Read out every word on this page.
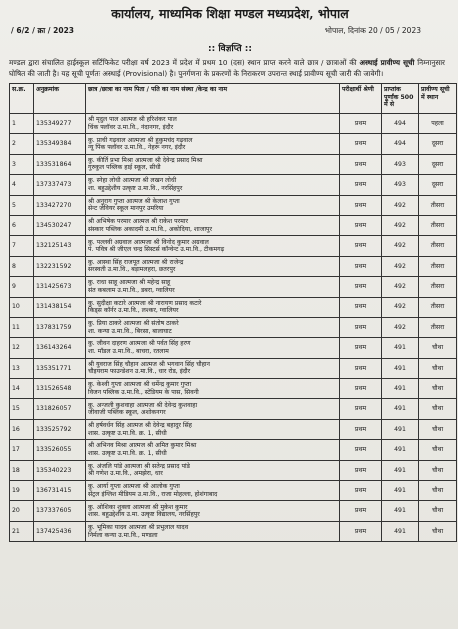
कार्यालय, माध्यमिक शिक्षा मण्डल मध्यप्रदेश, भोपाल
/ 6/2 / क्रा / 2023	भोपाल, दिनांक 20 / 05 / 2023
:: विज्ञप्ति ::
मण्डल द्वारा संचालित हाईस्कूल सर्टिफिकेट परीक्षा वर्ष 2023 में प्रदेश में प्रथम 10 (दस) स्थान प्राप्त करने वाले छात्र / छात्राओं की अस्थाई प्रावीण्य सूची निम्नानुसार घोषित की जाती है। यह सूची पूर्णतः अस्थाई (Provisional) है। पुनर्गणना के प्रकरणों के निराकरण उपरान्त स्थाई प्रावीण्य सूची जारी की जावेगी।
स.क्र.	अनुक्रमांक	छात्र /छात्रा का नाम पिता / पति का नाम संस्था /केन्द्र का नाम	परीक्षार्थी श्रेणी	प्राप्तांक पूर्णांक 500 में से	प्रावीण्य सूची में स्थान
1	135349277	श्री मृदुल पाल आत्मज श्री हरिशंकर पाल
चिंक फ्लॉवर उ.मा.वि., नंदानगर, इंदौर	प्रथम	494	पहला
2	135349384	कु. प्राची गढ़वाल आत्मजा श्री हुकुमचंद गढ़वाल
न्यू पिंक फ्लॉवर उ.मा.वि., नेहरू नगर, इंदौर	प्रथम	494	दूसरा
3	133531864	कु. कीर्ति प्रभा मिश्रा आत्मजा श्री देवेन्द्र प्रसाद मिश्रा
गुरुकुल पब्लिक हाई स्कूल, सीधी	प्रथम	493	दूसरा
4	137337473	कु. स्नेहा लोधी आत्मजा श्री लखन लोधी
शा. बहुउद्देशीय उत्कृष्ट उ.मा.वि., नरसिंहपुर	प्रथम	493	दूसरा
5	133427270	श्री अनुराग गुप्ता आत्मज श्री केलाश गुप्ता
सेन्ट जेवियर स्कूल मानपुर उमरिया	प्रथम	492	तीसरा
6	134530247	श्री अभिषेक परमार आत्मज श्री राकेश परमार
संस्कार पब्लिक अकादमी उ.मा.वि., अकोदिया, शाजापुर	प्रथम	492	तीसरा
7	132125143	कु. पल्लवी अग्रवाल आत्मजा श्री विनोद कुमार अग्रवाल
पं. पवित्र श्री जीएल चन्द्र सिस्टर्स कॉन्वेन्ट उ.मा.वि., टीकमगढ़	प्रथम	492	तीसरा
8	132231592	कु. आस्था सिंह राजपूत आत्मजा श्री राजेन्द्र
सरस्वती उ.मा.वि., बड़ामलहरा, छतरपुर	प्रथम	492	तीसरा
9	131425673	कु. राधा साहू आत्मजा श्री महेन्द्र साहू
संत कबलाम उ.मा.वि., डबरा, ग्वालियर	प्रथम	492	तीसरा
10	131438154	कु. सुदीक्षा कटारे आत्मजा श्री नारायण प्रसाद कटारे
किड्स कॉर्नर उ.मा.वि., लश्कर, ग्वालियर	प्रथम	492	तीसरा
11	137831759	कु. प्रिया ठाकरे आत्मजा श्री संतोष ठाकरे
शा. कन्या उ.मा.वि., बिरसा, बालाघाट	प्रथम	492	तीसरा
12	136143264	कु. जीवन दाहरण आत्मजा श्री पर्वत सिंह हरण
शा. मॉडल उ.मा.वि., बाचरा, रतलाम	प्रथम	491	चौथा
13	135351771	श्री युवराज सिंह चौहान आत्मज श्री भगवान सिंह चौहान
चौइयराम फाउन्डेशन उ.मा.वि., धार रोड, इंदौर	प्रथम	491	चौथा
14	131526548	कु. केश्वी गुप्ता आत्मजा श्री धर्मेन्द्र कुमार गुप्ता
विजन पब्लिक उ.मा.वि., स्टेडियम के पास, सिवनी	प्रथम	491	चौथा
15	131826057	कु. अन्जली कुशवाहा आत्मजा श्री देवेन्द्र कुशवाहा
जीवाजी पब्लिक स्कूल, अशोकनगर	प्रथम	491	चौथा
16	133525792	श्री हर्षवर्धन सिंह आत्मज श्री देवेन्द्र बहादुर सिंह
शास. उत्कृष्ट उ.मा.वि. क्र. 1, सीधी	प्रथम	491	चौथा
17	133526055	श्री अभिनव मिश्रा आत्मज श्री अमित कुमार मिश्रा
शास. उत्कृष्ट उ.मा.वि. क्र. 1, सीधी	प्रथम	491	चौथा
18	135340223	कु. अंजलि पांडे आत्मजा श्री सतेन्द्र प्रसाद पांडे
श्री गणेश उ.मा.वि., अमझेरा, धार	प्रथम	491	चौथा
19	136731415	कु. आर्या गुप्ता आत्मजा श्री आलोक गुप्ता
सेंट्रल इंग्लिश मीडियम उ.मा.वि., राजा मोहल्ला, होशंगाबाद	प्रथम	491	चौथा
20	137337605	कु. ओशिका शुक्ला आत्मजा श्री मुकेश कुमार
शास. बहुउद्देशीय उ.मा. उत्कृष्ट विद्यालय, नरसिंहपुर	प्रथम	491	चौथा
21	137425436	कु. भूमिका यादव आत्मजा श्री प्रभुलाल यादव
निर्मला कन्या उ.मा.वि., मण्डला	प्रथम	491	चौथा
